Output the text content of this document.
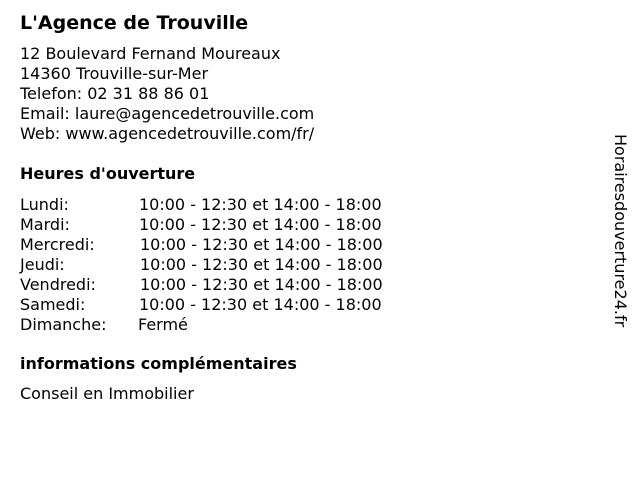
L'Agence de Trouville
12 Boulevard Fernand Moureaux
14360 Trouville-sur-Mer
Telefon: 02 31 88 86 01
Email: laure@agencedetrouville.com
Web: www.agencedetrouville.com/fr/
Heures d'ouverture
Lundi:	10:00 - 12:30 et 14:00 - 18:00
Mardi:	10:00 - 12:30 et 14:00 - 18:00
Mercredi:	10:00 - 12:30 et 14:00 - 18:00
Jeudi:	10:00 - 12:30 et 14:00 - 18:00
Vendredi:	10:00 - 12:30 et 14:00 - 18:00
Samedi:	10:00 - 12:30 et 14:00 - 18:00
Dimanche: Fermé
informations complémentaires
Conseil en Immobilier
Horairesdouverture24.fr
